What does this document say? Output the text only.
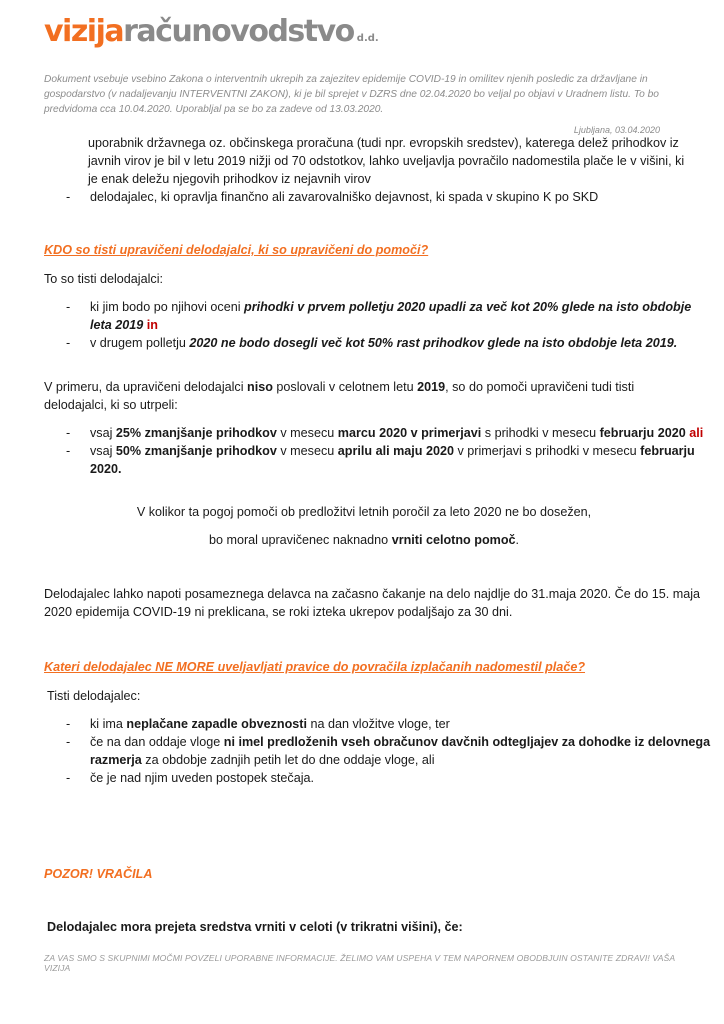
vizijaračunovodstvo d.d.
Dokument vsebuje vsebino Zakona o interventnih ukrepih za zajezitev epidemije COVID-19 in omilitev njenih posledic za državljane in gospodarstvo (v nadaljevanju INTERVENTNI ZAKON), ki je bil sprejet v DZRS dne 02.04.2020 bo veljal po objavi v Uradnem listu. To bo predvidoma cca 10.04.2020. Uporabljal pa se bo za zadeve od 13.03.2020.
Ljubljana, 03.04.2020
uporabnik državnega oz. občinskega proračuna (tudi npr. evropskih sredstev), katerega delež prihodkov iz
javnih virov je bil v letu 2019 nižji od 70 odstotkov, lahko uveljavlja povračilo nadomestila plače le v višini, ki
je enak deležu njegovih prihodkov iz nejavnih virov
- delodajalec, ki opravlja finančno ali zavarovalniško dejavnost, ki spada v skupino K po SKD
KDO so tisti upravičeni delodajalci, ki so upravičeni do pomoči?
To so tisti delodajalci:
- ki jim bodo po njihovi oceni prihodki v prvem polletju 2020 upadli za več kot 20% glede na isto obdobje
leta 2019 in
- v drugem polletju 2020 ne bodo dosegli več kot 50% rast prihodkov glede na isto obdobje leta 2019.
V primeru, da upravičeni delodajalci niso poslovali v celotnem letu 2019, so do pomoči upravičeni tudi tisti
delodajalci, ki so utrpeli:
- vsaj 25% zmanjšanje prihodkov v mesecu marcu 2020 v primerjavi s prihodki v mesecu februarju 2020 ali
- vsaj 50% zmanjšanje prihodkov v mesecu aprilu ali maju 2020 v primerjavi s prihodki v mesecu februarju
2020.
V kolikor ta pogoj pomoči ob predložitvi letnih poročil za leto 2020 ne bo dosežen,
bo moral upravičenec naknadno vrniti celotno pomoč.
Delodajalec lahko napoti posameznega delavca na začasno čakanje na delo najdlje do 31.maja 2020. Če do 15. maja
2020 epidemija COVID-19 ni preklicana, se roki izteka ukrepov podaljšajo za 30 dni.
Kateri delodajalec NE MORE uveljavljati pravice do povračila izplačanih nadomestil plače?
Tisti delodajalec:
- ki ima neplačane zapadle obveznosti na dan vložitve vloge, ter
- če na dan oddaje vloge ni imel predloženih vseh obračunov davčnih odtegljajev za dohodke iz delovnega
razmerja za obdobje zadnjih petih let do dne oddaje vloge, ali
- če je nad njim uveden postopek stečaja.
POZOR! VRAČILA
Delodajalec mora prejeta sredstva vrniti v celoti (v trikratni višini), če:
ZA VAS SMO S SKUPNIMI MOČMI POVZELI UPORABNE INFORMACIJE. ŽELIMO VAM USPEHA V TEM NAPORNEM OBODBJUIN OSTANITE ZDRAVI! VAŠA VIZIJA
